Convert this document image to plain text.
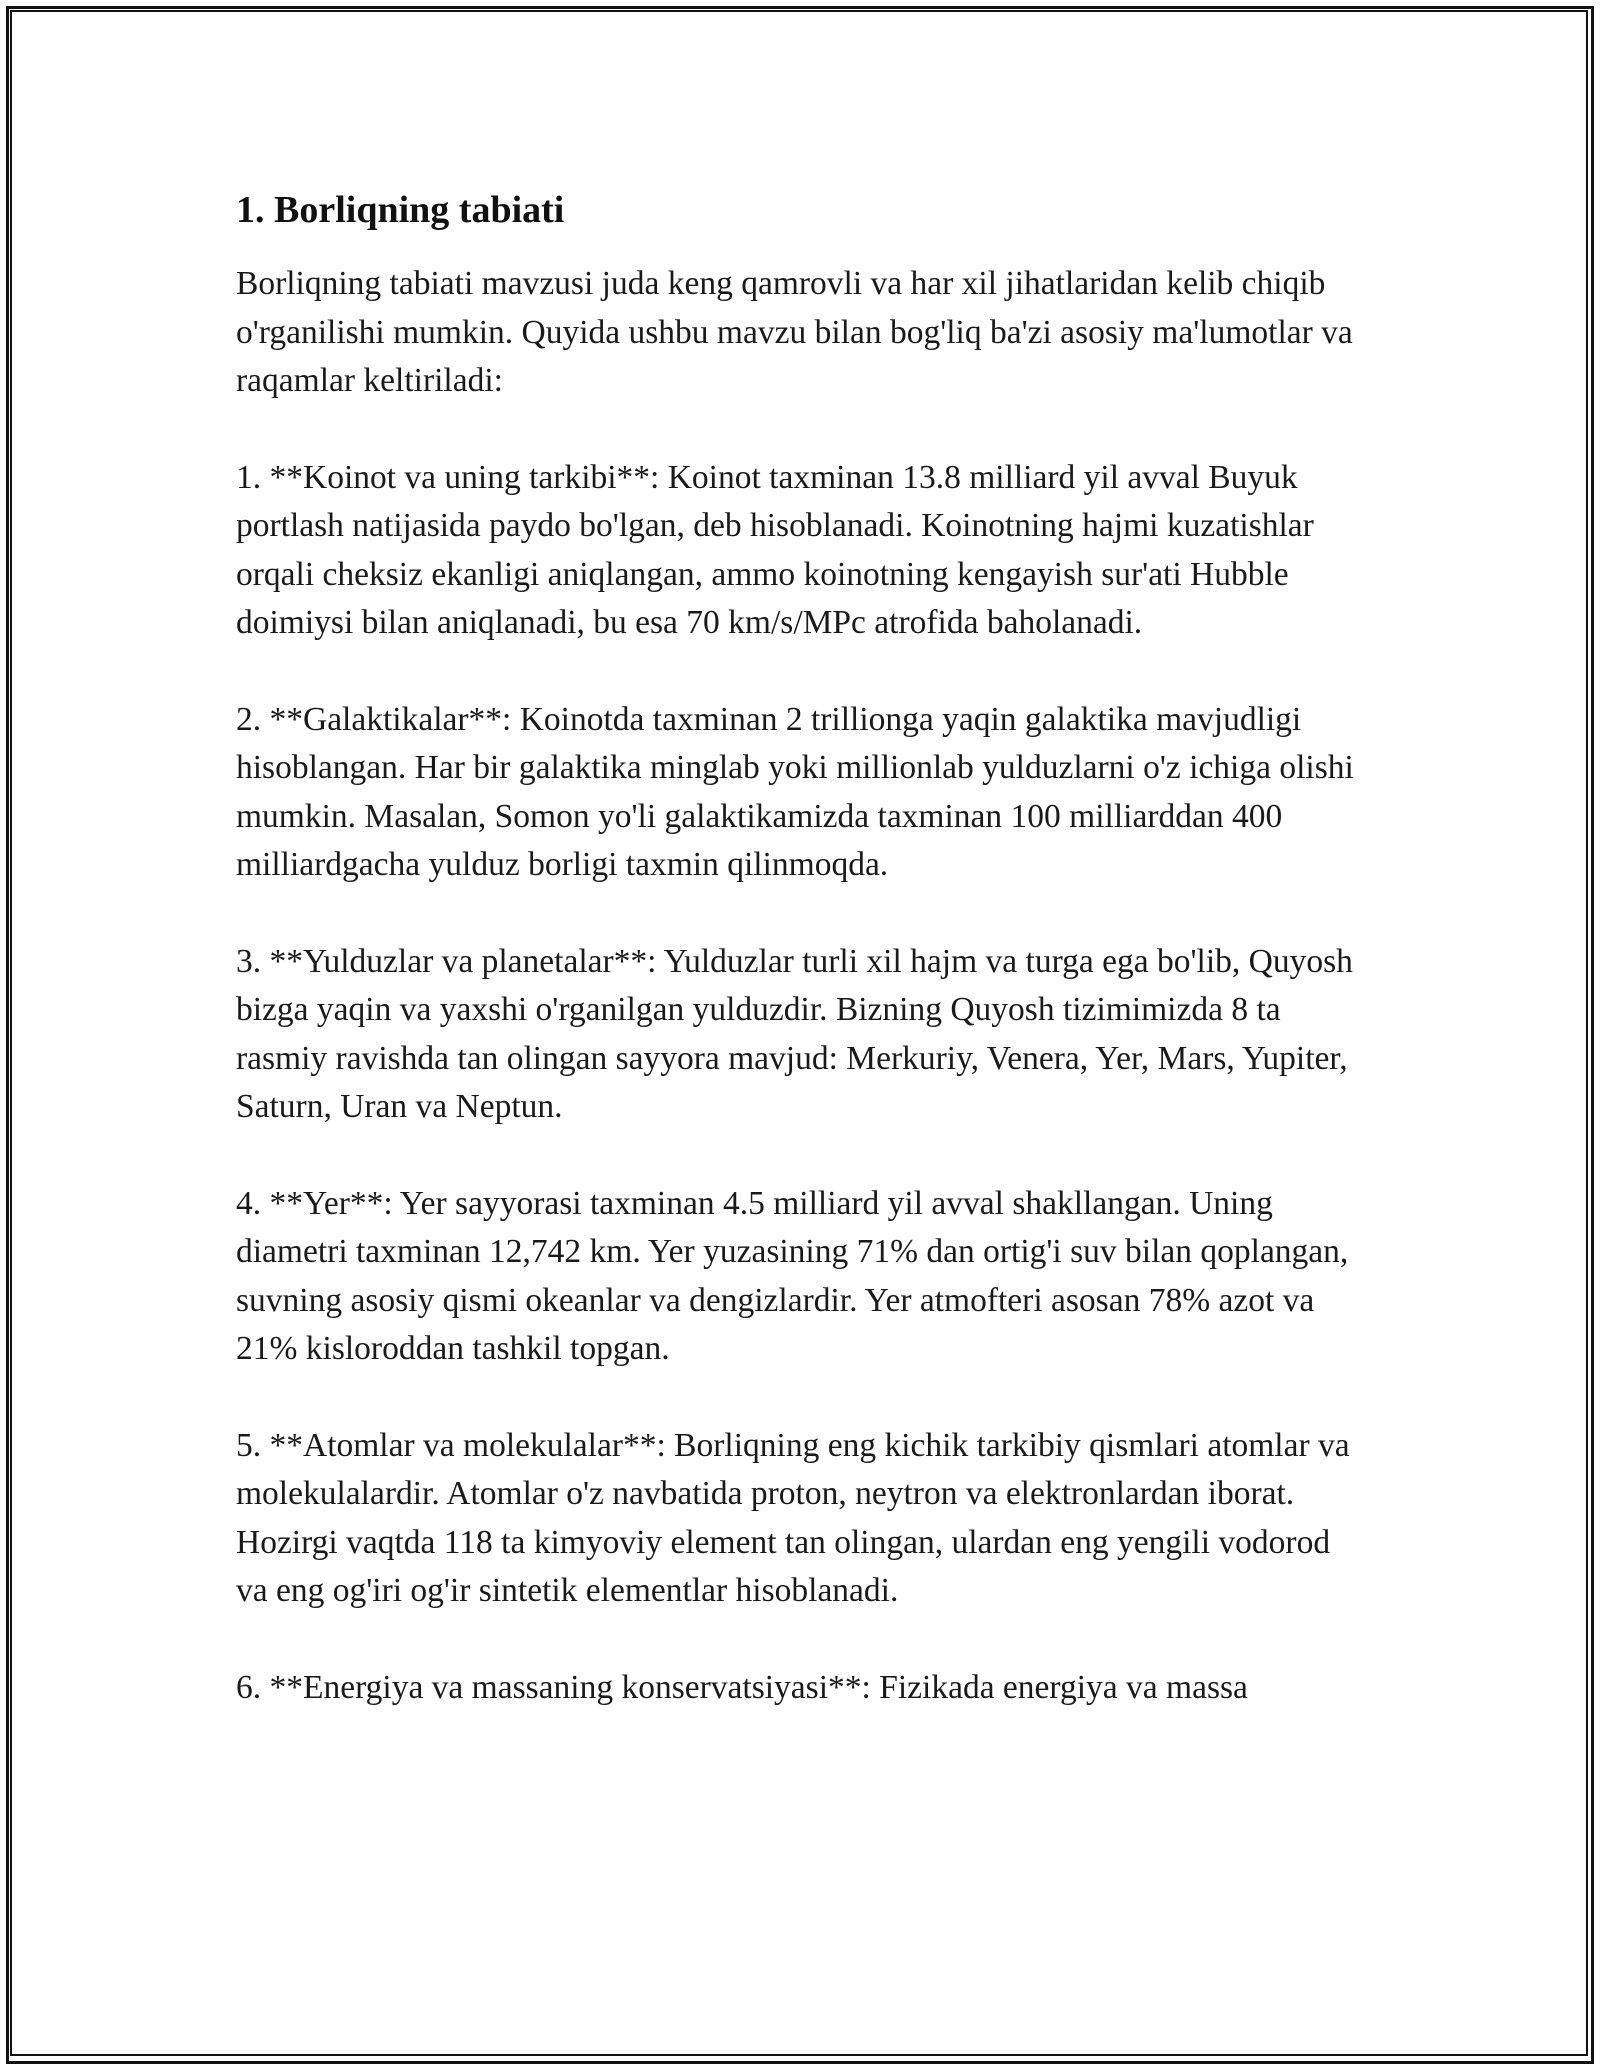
1. Borliqning tabiati

Borliqning tabiati mavzusi juda keng qamrovli va har xil jihatlaridan kelib chiqib o'rganilishi mumkin. Quyida ushbu mavzu bilan bog'liq ba'zi asosiy ma'lumotlar va raqamlar keltiriladi:

1. **Koinot va uning tarkibi**: Koinot taxminan 13.8 milliard yil avval Buyuk portlash natijasida paydo bo'lgan, deb hisoblanadi. Koinotning hajmi kuzatishlar orqali cheksiz ekanligi aniqlangan, ammo koinotning kengayish sur'ati Hubble doimiysi bilan aniqlanadi, bu esa 70 km/s/MPc atrofida baholanadi.

2. **Galaktikalar**: Koinotda taxminan 2 trillionga yaqin galaktika mavjudligi hisoblangan. Har bir galaktika minglab yoki millionlab yulduzlarni o'z ichiga olishi mumkin. Masalan, Somon yo'li galaktikamizda taxminan 100 milliarddan 400 milliardgacha yulduz borligi taxmin qilinmoqda.

3. **Yulduzlar va planetalar**: Yulduzlar turli xil hajm va turga ega bo'lib, Quyosh bizga yaqin va yaxshi o'rganilgan yulduzdir. Bizning Quyosh tizimimizda 8 ta rasmiy ravishda tan olingan sayyora mavjud: Merkuriy, Venera, Yer, Mars, Yupiter, Saturn, Uran va Neptun.

4. **Yer**: Yer sayyorasi taxminan 4.5 milliard yil avval shakllangan. Uning diametri taxminan 12,742 km. Yer yuzasining 71% dan ortig'i suv bilan qoplangan, suvning asosiy qismi okeanlar va dengizlardir. Yer atmofteri asosan 78% azot va 21% kisloroddan tashkil topgan.

5. **Atomlar va molekulalar**: Borliqning eng kichik tarkibiy qismlari atomlar va molekulalardir. Atomlar o'z navbatida proton, neytron va elektronlardan iborat. Hozirgi vaqtda 118 ta kimyoviy element tan olingan, ulardan eng yengili vodorod va eng og'iri og'ir sintetik elementlar hisoblanadi.

6. **Energiya va massaning konservatsiyasi**: Fizikada energiya va massa
